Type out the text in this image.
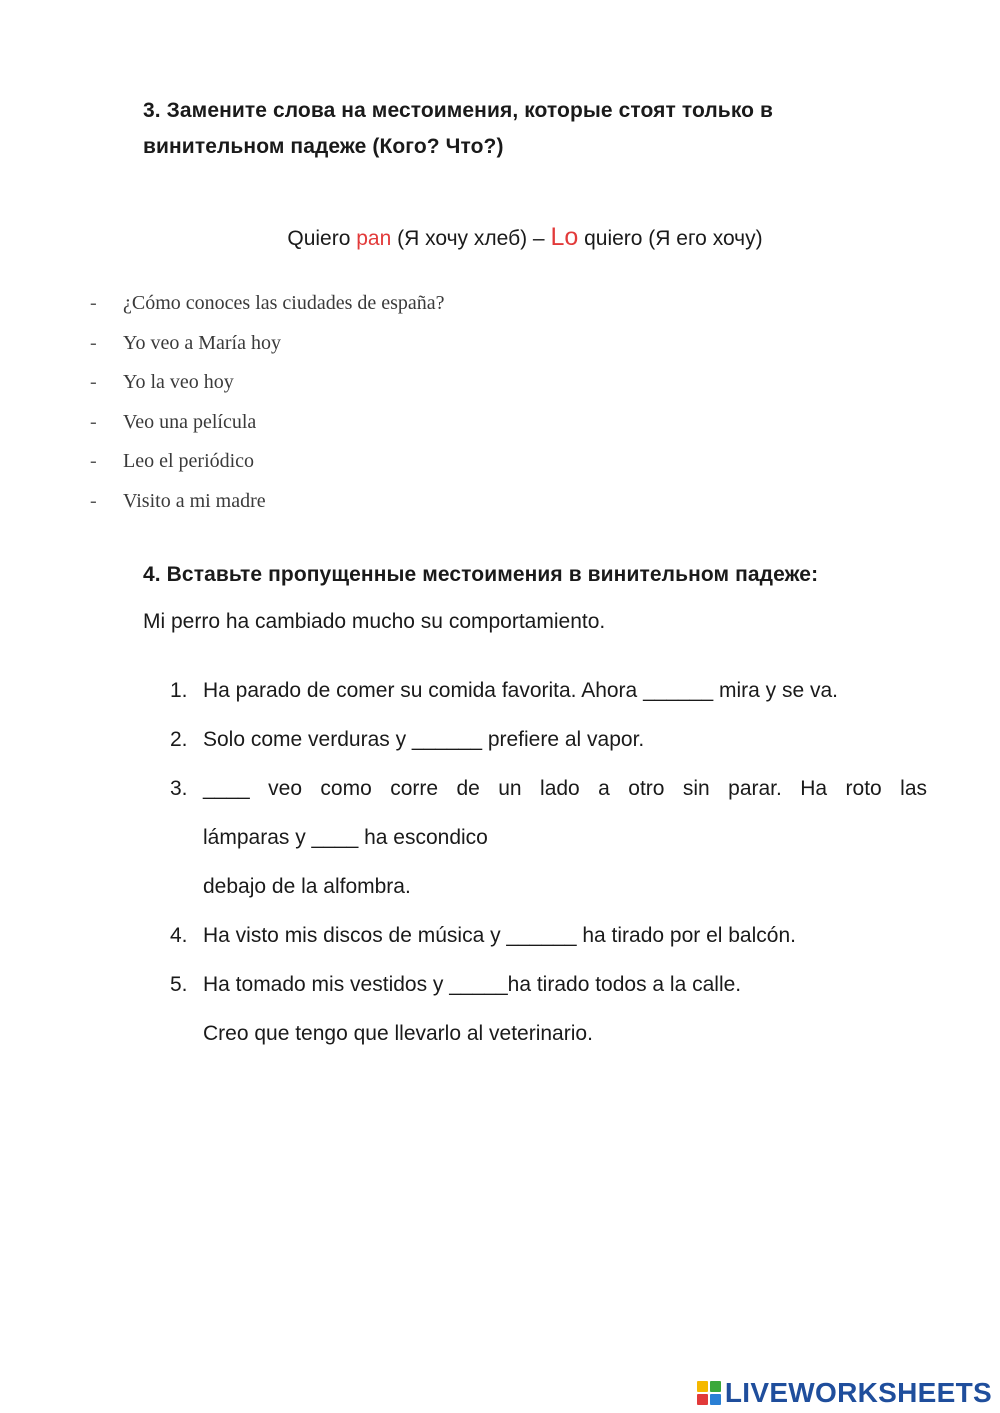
3. Замените слова на местоимения, которые стоят только в
винительном падеже (Кого? Что?)
Quiero pan (Я хочу хлеб) – Lo quiero (Я его хочу)
- ¿Cómo conoces las ciudades de españa?
- Yo veo a María hoy
- Yo la veo hoy
- Veo una película
- Leo el periódico
- Visito a mi madre
4. Вставьте пропущенные местоимения в винительном падеже:
Mi perro ha cambiado mucho su comportamiento.
1. Ha parado de comer su comida favorita. Ahora ______ mira y se va.
2. Solo come verduras y ______ prefiere al vapor.
3. ____ veo como corre de un lado a otro sin parar. Ha roto las
lámparas y ____ ha escondico
debajo de la alfombra.
4. Ha visto mis discos de música y ______ ha tirado por el balcón.
5. Ha tomado mis vestidos y _____ha tirado todos a la calle.
Creo que tengo que llevarlo al veterinario.
LIVEWORKSHEETS
